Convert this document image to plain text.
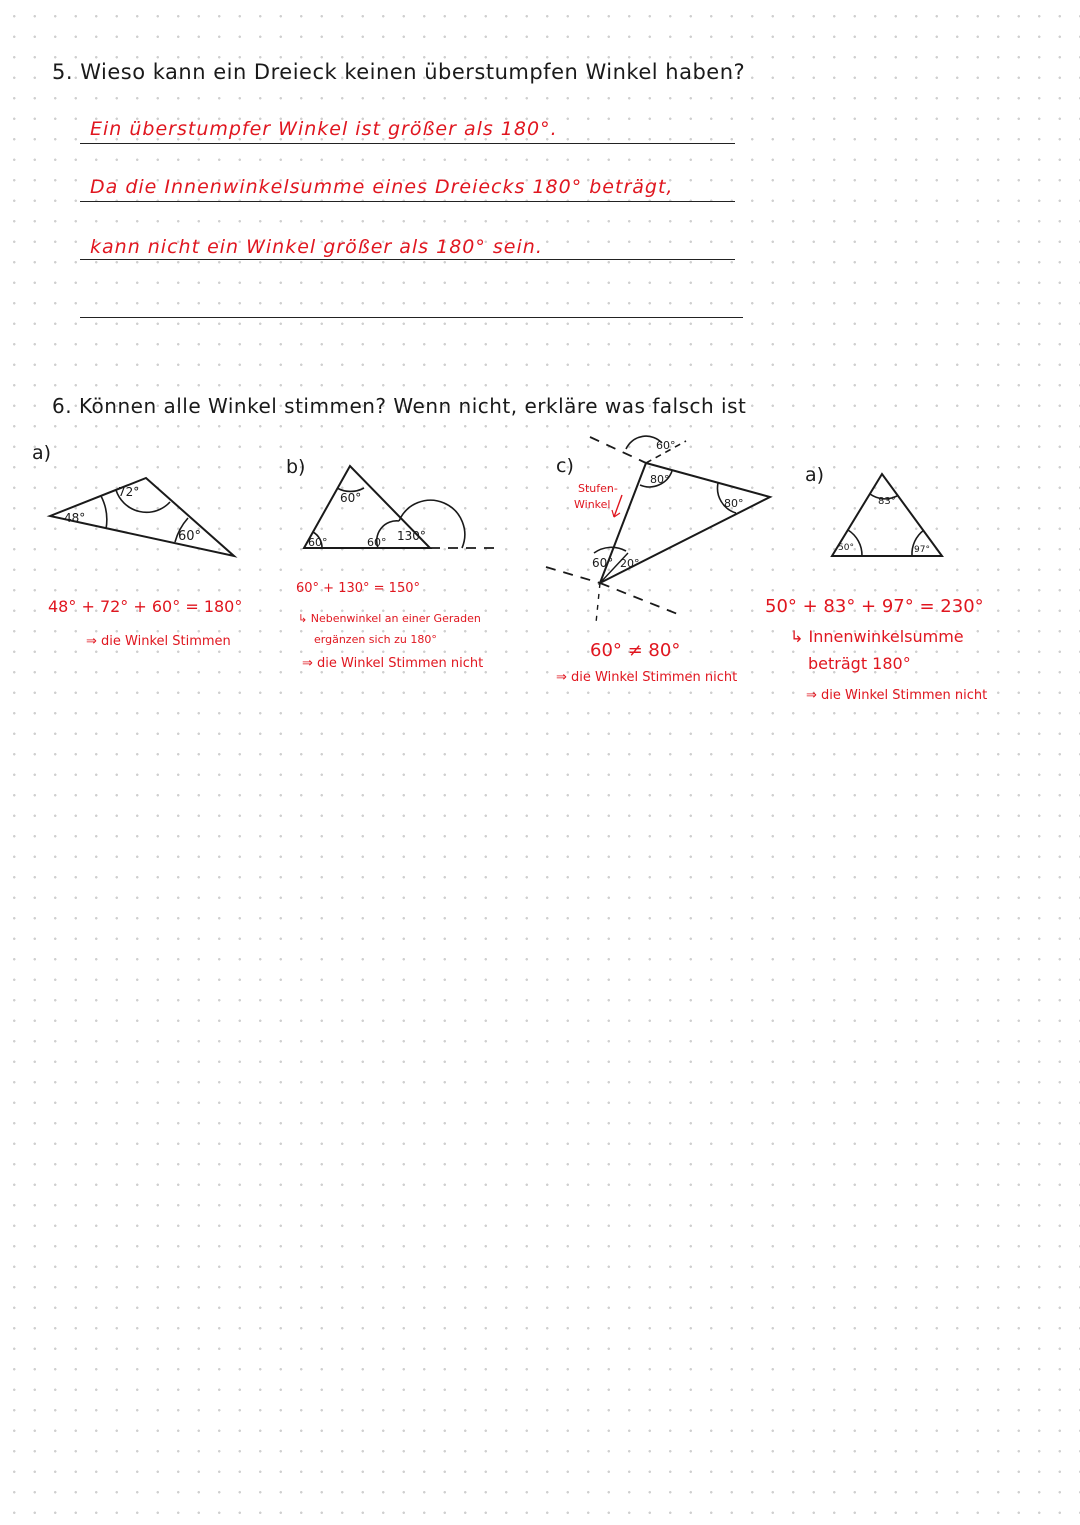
5. Wieso kann ein Dreieck keinen überstumpfen Winkel haben?
Ein überstumpfer Winkel ist größer als 180°.
Da die Innenwinkelsumme eines Dreiecks 180° beträgt,
kann nicht ein Winkel größer als 180° sein.
6. Können alle Winkel stimmen? Wenn nicht, erkläre was falsch ist
a)
72°
48°
60°
48° + 72° + 60° = 180°
⇒ die Winkel Stimmen
b)
60°
60°	60° 130°
60° + 130° = 150°
↳ Nebenwinkel an einer Geraden
ergänzen sich zu 180°
⇒ die Winkel Stimmen nicht
c)
Stufen-
Winkel
60°
80°
80°
60° 20°
60° ≠ 80°
⇒ die Winkel Stimmen nicht
a)
83°
50°	97°
50° + 83° + 97° = 230°
↳ Innenwinkelsumme
beträgt 180°
⇒ die Winkel Stimmen nicht
